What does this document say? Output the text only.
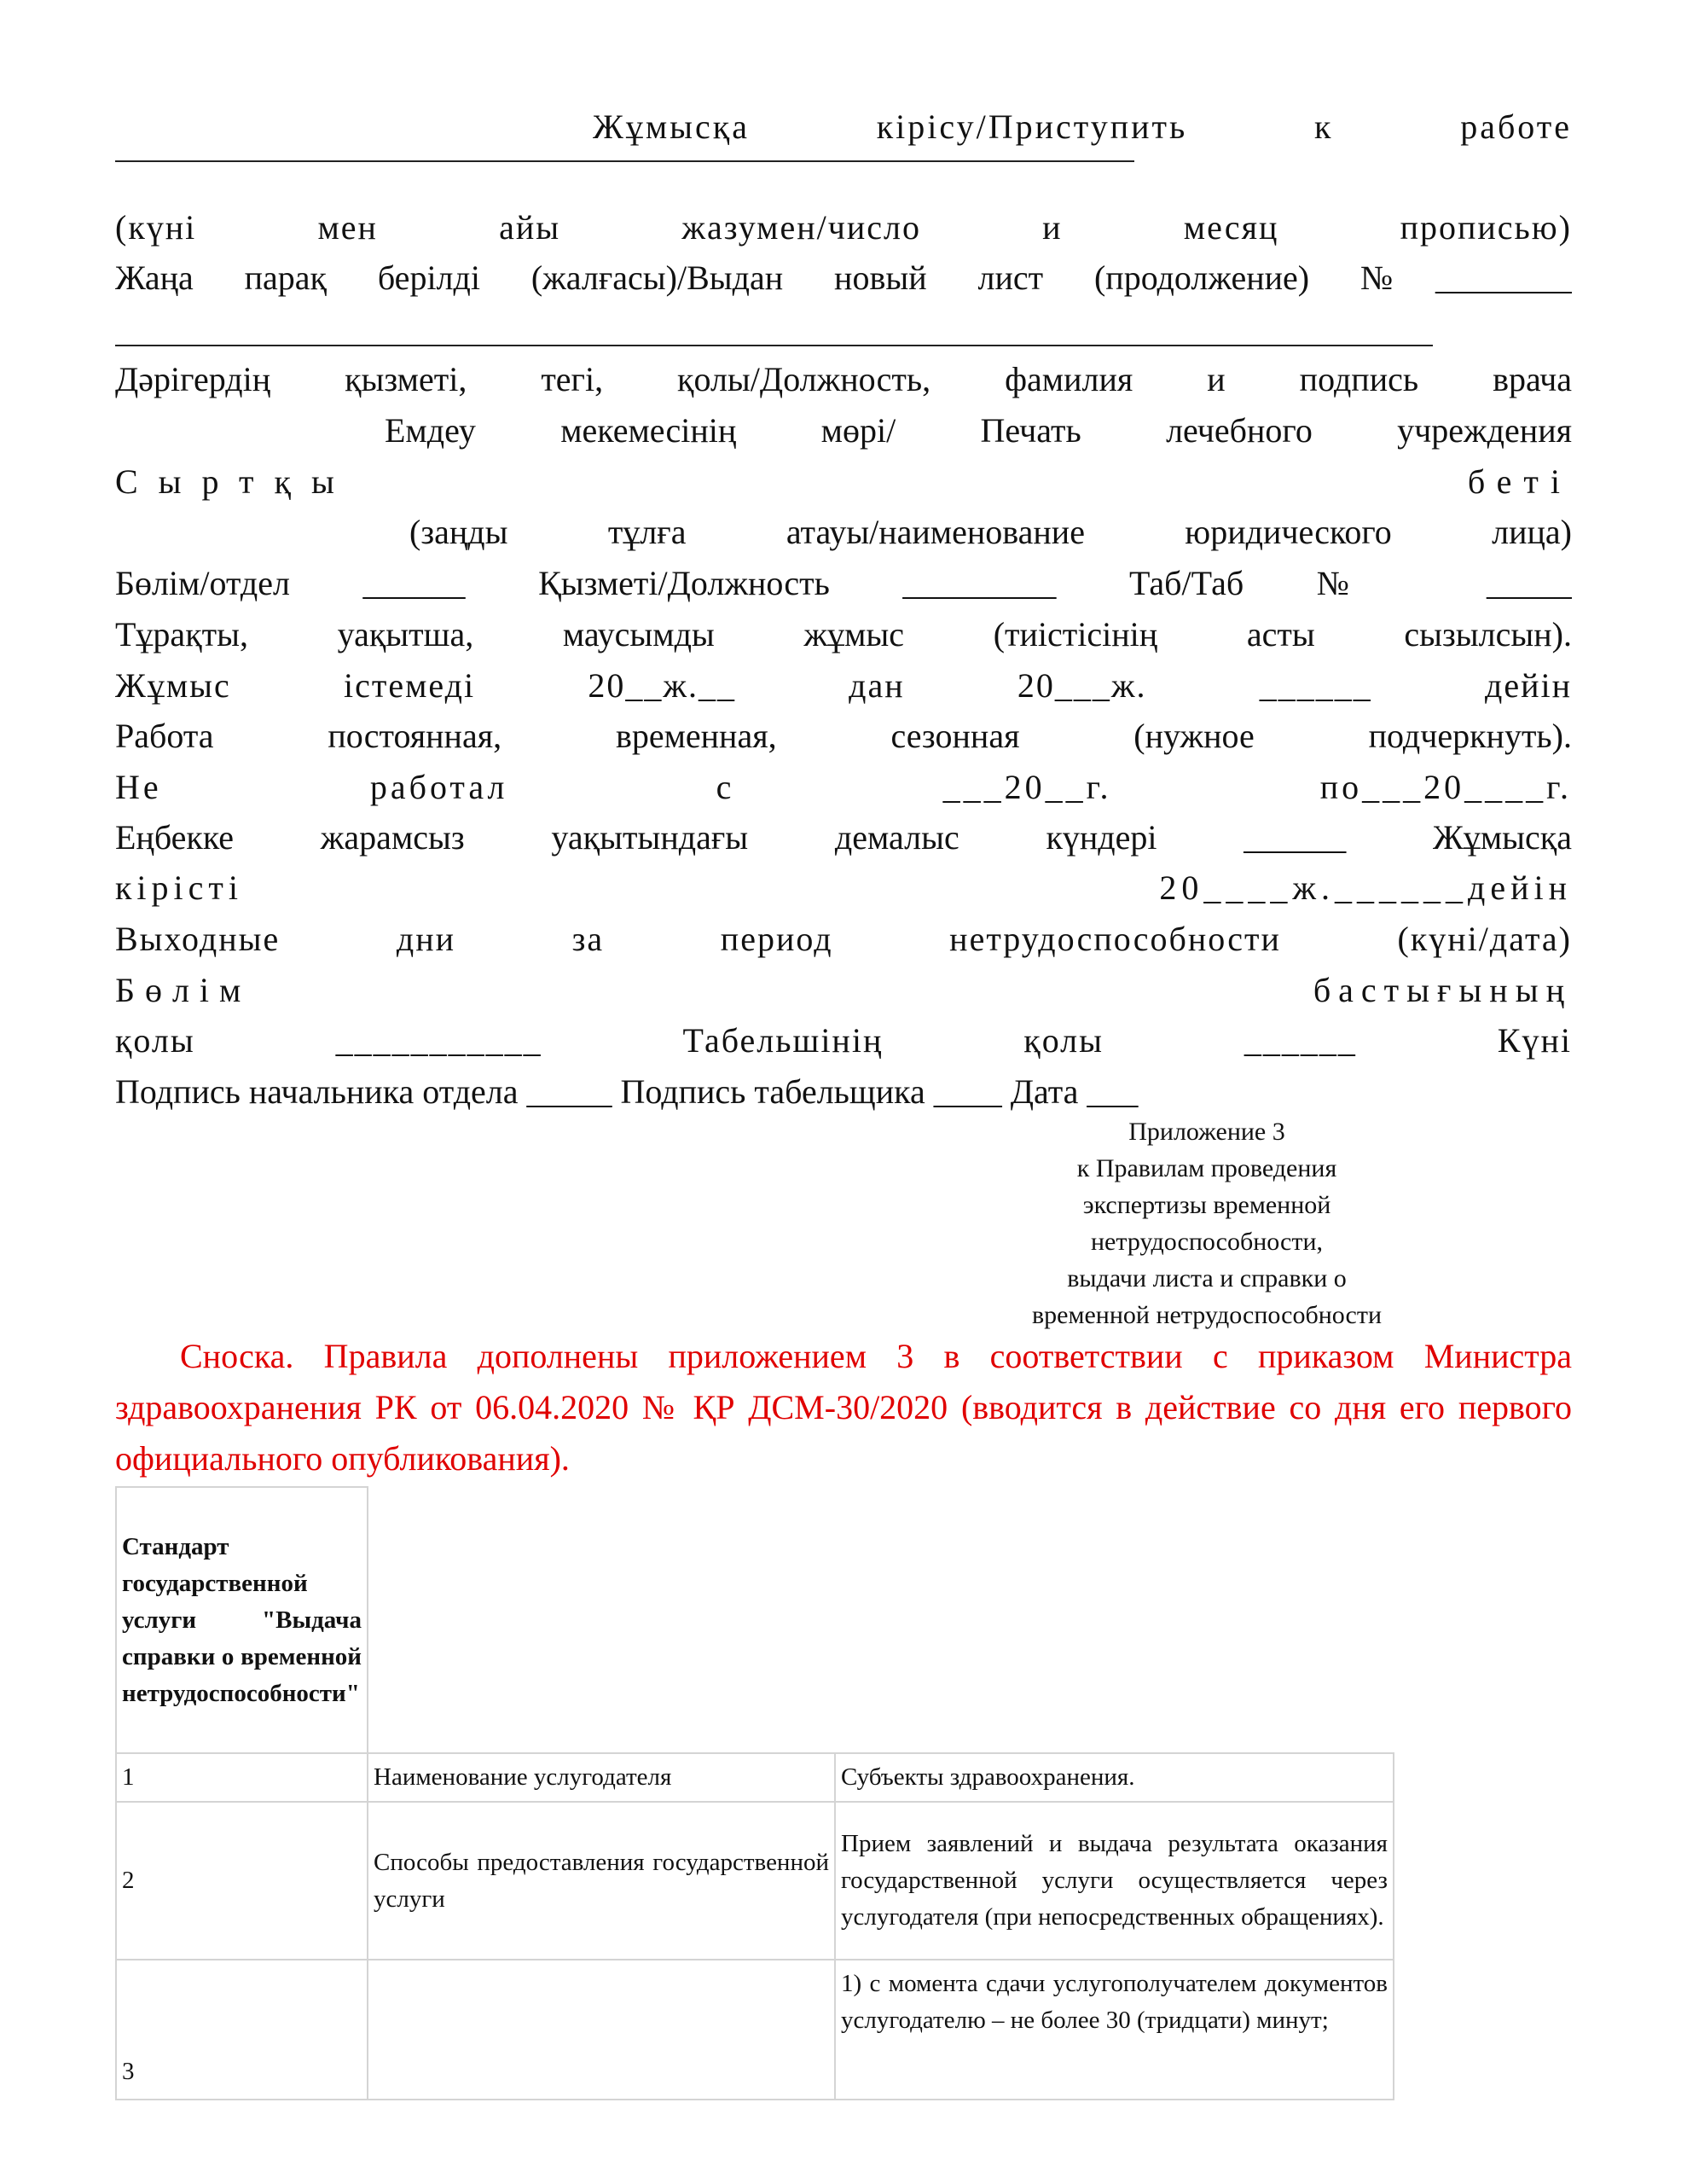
Жұмысқа кірісу/Приступить к работе
(күні мен айы жазумен/число и месяц прописью)
Жаңа парақ берілді (жалғасы)/Выдан новый лист (продолжение) №________
Дәрігердің қызметі, тегі, қолы/Должность, фамилия и подпись врача
Емдеу мекемесінің мөрі/ Печать лечебного учреждения
Сыртқы	беті
(заңды тұлға атауы/наименование юридического лица)
Бөлім/отдел ______ Қызметі/Должность _________ Таб/Таб № _____
Тұрақты, уақытша, маусымды жұмыс (тиістісінің асты сызылсын).
Жұмыс істемеді 20__ж.__ дан 20___ж. ______ дейін
Работа постоянная, временная, сезонная (нужное подчеркнуть).
Не работал с ___20__г. по___20____г.
Еңбекке жарамсыз уақытындағы демалыс күндері ______ Жұмысқа
кірісті	20____ж.______дейін
Выходные дни за период нетрудоспособности (күні/дата)
Бөлім	бастығының
қолы ___________ Табельшінің қолы ______ Күні
Подпись начальника отдела _____ Подпись табельщика ____ Дата ___
Приложение 3
к Правилам проведения
экспертизы временной
нетрудоспособности,
выдачи листа и справки о
временной нетрудоспособности
Сноска. Правила дополнены приложением 3 в соответствии с приказом Министра здравоохранения РК от 06.04.2020 № ҚР ДСМ-30/2020 (вводится в действие со дня его первого официального опубликования).
Стандарт государственной услуги "Выдача справки о временной нетрудоспособности"		
1	Наименование услугодателя	Субъекты здравоохранения.
2	Способы предоставления государственной услуги	Прием заявлений и выдача результата оказания государственной услуги осуществляется через услугодателя (при непосредственных обращениях).
3		1) с момента сдачи услугополучателем документов услугодателю – не более 30 (тридцати) минут;
